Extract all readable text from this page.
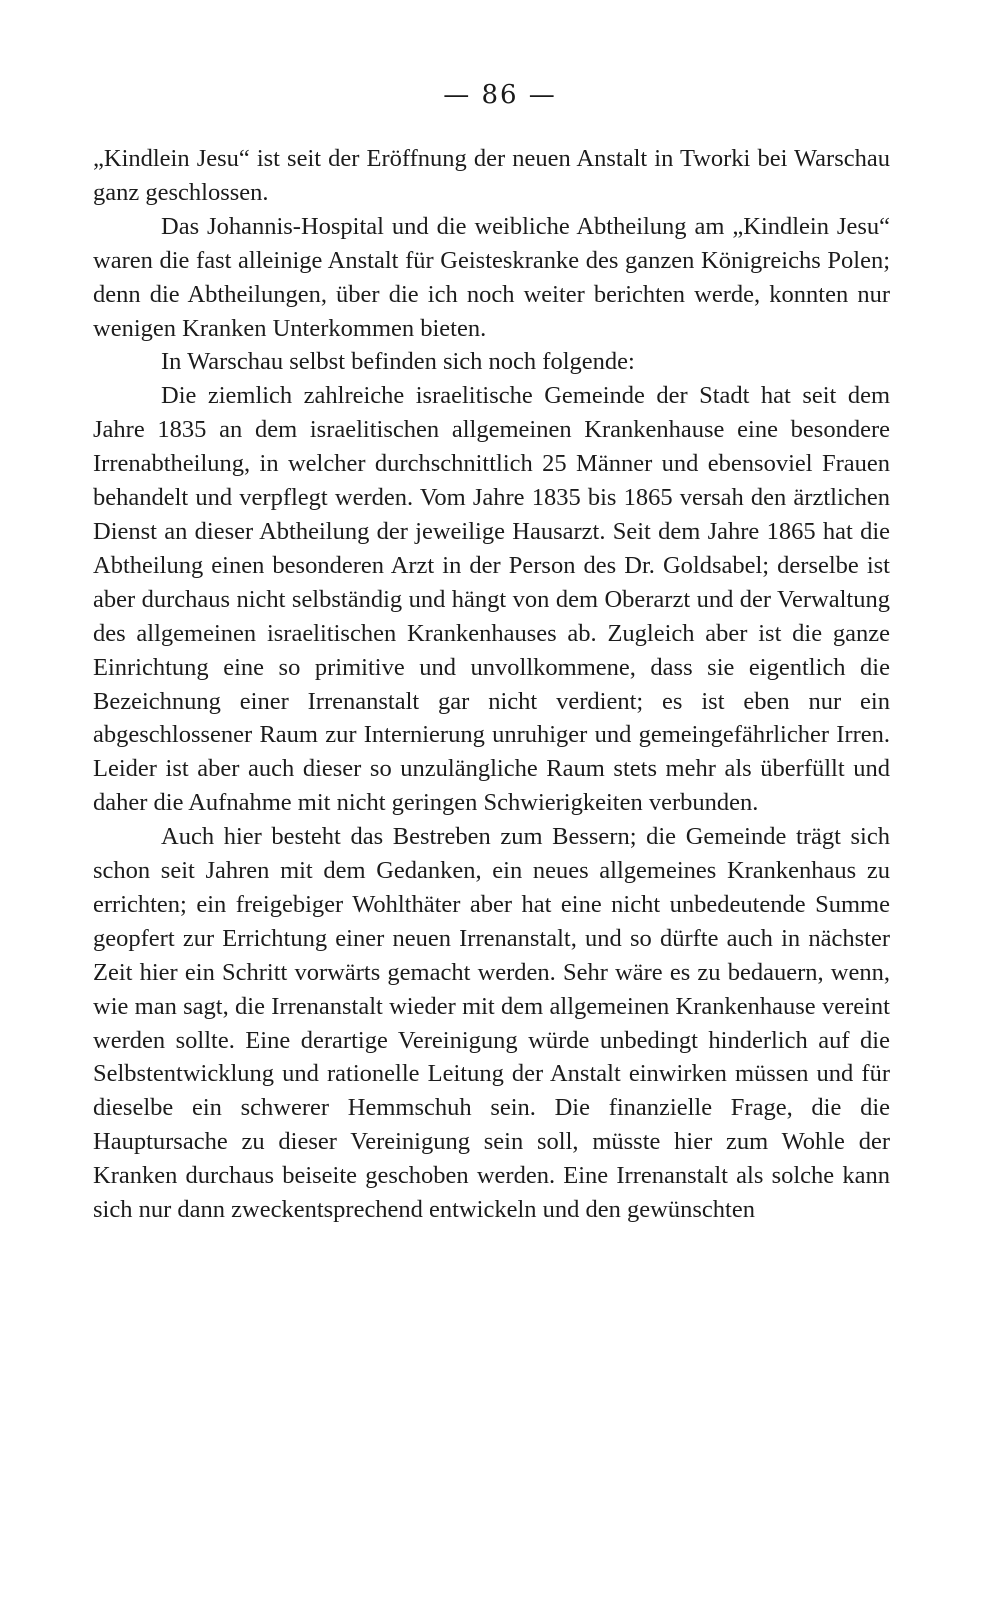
— 86 —

„Kindlein Jesu“ ist seit der Eröffnung der neuen Anstalt in Tworki bei Warschau ganz geschlossen.

Das Johannis-Hospital und die weibliche Abtheilung am „Kindlein Jesu“ waren die fast alleinige Anstalt für Geisteskranke des ganzen Königreichs Polen; denn die Abtheilungen, über die ich noch weiter berichten werde, konnten nur wenigen Kranken Unterkommen bieten.

In Warschau selbst befinden sich noch folgende:

Die ziemlich zahlreiche israelitische Gemeinde der Stadt hat seit dem Jahre 1835 an dem israelitischen allgemeinen Krankenhause eine besondere Irrenabtheilung, in welcher durchschnittlich 25 Männer und ebensoviel Frauen behandelt und verpflegt werden. Vom Jahre 1835 bis 1865 versah den ärztlichen Dienst an dieser Abtheilung der jeweilige Hausarzt. Seit dem Jahre 1865 hat die Abtheilung einen besonderen Arzt in der Person des Dr. Goldsabel; derselbe ist aber durchaus nicht selbständig und hängt von dem Oberarzt und der Verwaltung des allgemeinen israelitischen Krankenhauses ab. Zugleich aber ist die ganze Einrichtung eine so primitive und unvollkommene, dass sie eigentlich die Bezeichnung einer Irrenanstalt gar nicht verdient; es ist eben nur ein abgeschlossener Raum zur Internierung unruhiger und gemeingefährlicher Irren. Leider ist aber auch dieser so unzulängliche Raum stets mehr als überfüllt und daher die Aufnahme mit nicht geringen Schwierigkeiten verbunden.

Auch hier besteht das Bestreben zum Bessern; die Gemeinde trägt sich schon seit Jahren mit dem Gedanken, ein neues allgemeines Krankenhaus zu errichten; ein freigebiger Wohlthäter aber hat eine nicht unbedeutende Summe geopfert zur Errichtung einer neuen Irrenanstalt, und so dürfte auch in nächster Zeit hier ein Schritt vorwärts gemacht werden. Sehr wäre es zu bedauern, wenn, wie man sagt, die Irrenanstalt wieder mit dem allgemeinen Krankenhause vereint werden sollte. Eine derartige Vereinigung würde unbedingt hinderlich auf die Selbstentwicklung und rationelle Leitung der Anstalt einwirken müssen und für dieselbe ein schwerer Hemmschuh sein. Die finanzielle Frage, die die Hauptursache zu dieser Vereinigung sein soll, müsste hier zum Wohle der Kranken durchaus beiseite geschoben werden. Eine Irrenanstalt als solche kann sich nur dann zweckentsprechend entwickeln und den gewünschten
